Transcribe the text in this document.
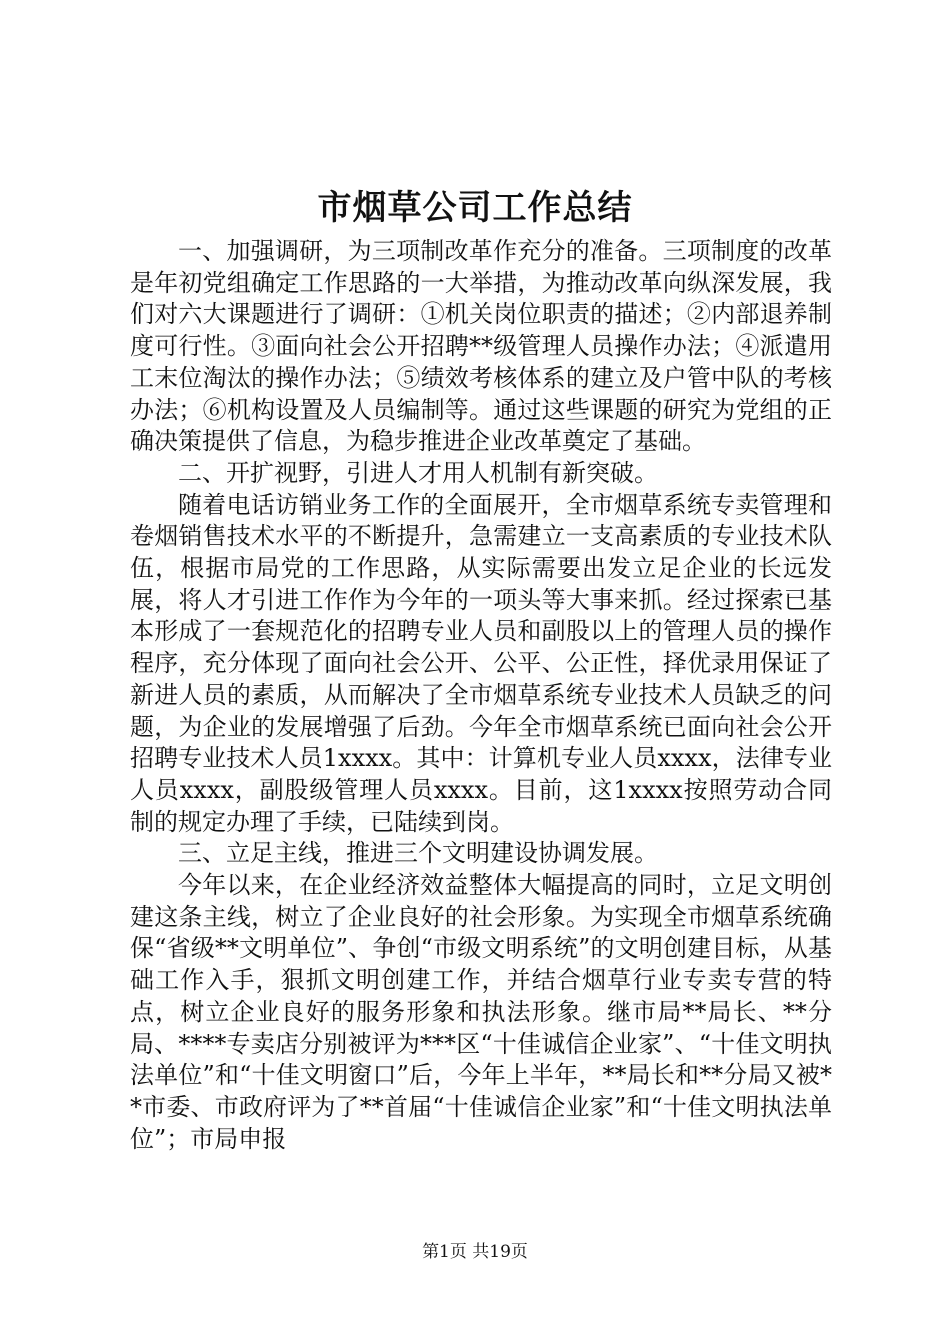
市烟草公司工作总结

一、加强调研，为三项制改革作充分的准备。三项制度的改革是年初党组确定工作思路的一大举措，为推动改革向纵深发展，我们对六大课题进行了调研：①机关岗位职责的描述；②内部退养制度可行性。③面向社会公开招聘**级管理人员操作办法；④派遣用工末位淘汰的操作办法；⑤绩效考核体系的建立及户管中队的考核办法；⑥机构设置及人员编制等。通过这些课题的研究为党组的正确决策提供了信息，为稳步推进企业改革奠定了基础。

二、开扩视野，引进人才用人机制有新突破。

随着电话访销业务工作的全面展开，全市烟草系统专卖管理和卷烟销售技术水平的不断提升，急需建立一支高素质的专业技术队伍，根据市局党的工作思路，从实际需要出发立足企业的长远发展，将人才引进工作作为今年的一项头等大事来抓。经过探索已基本形成了一套规范化的招聘专业人员和副股以上的管理人员的操作程序，充分体现了面向社会公开、公平、公正性，择优录用保证了新进人员的素质，从而解决了全市烟草系统专业技术人员缺乏的问题，为企业的发展增强了后劲。今年全市烟草系统已面向社会公开招聘专业技术人员1xxxx。其中：计算机专业人员xxxx，法律专业人员xxxx，副股级管理人员xxxx。目前，这1xxxx按照劳动合同制的规定办理了手续，已陆续到岗。

三、立足主线，推进三个文明建设协调发展。

今年以来，在企业经济效益整体大幅提高的同时，立足文明创建这条主线，树立了企业良好的社会形象。为实现全市烟草系统确保“省级**文明单位”、争创“市级文明系统”的文明创建目标，从基础工作入手，狠抓文明创建工作，并结合烟草行业专卖专营的特点，树立企业良好的服务形象和执法形象。继市局**局长、**分局、****专卖店分别被评为***区“十佳诚信企业家”、“十佳文明执法单位”和“十佳文明窗口”后，今年上半年，**局长和**分局又被**市委、市政府评为了**首届“十佳诚信企业家”和“十佳文明执法单位”；市局申报

第1页 共19页
